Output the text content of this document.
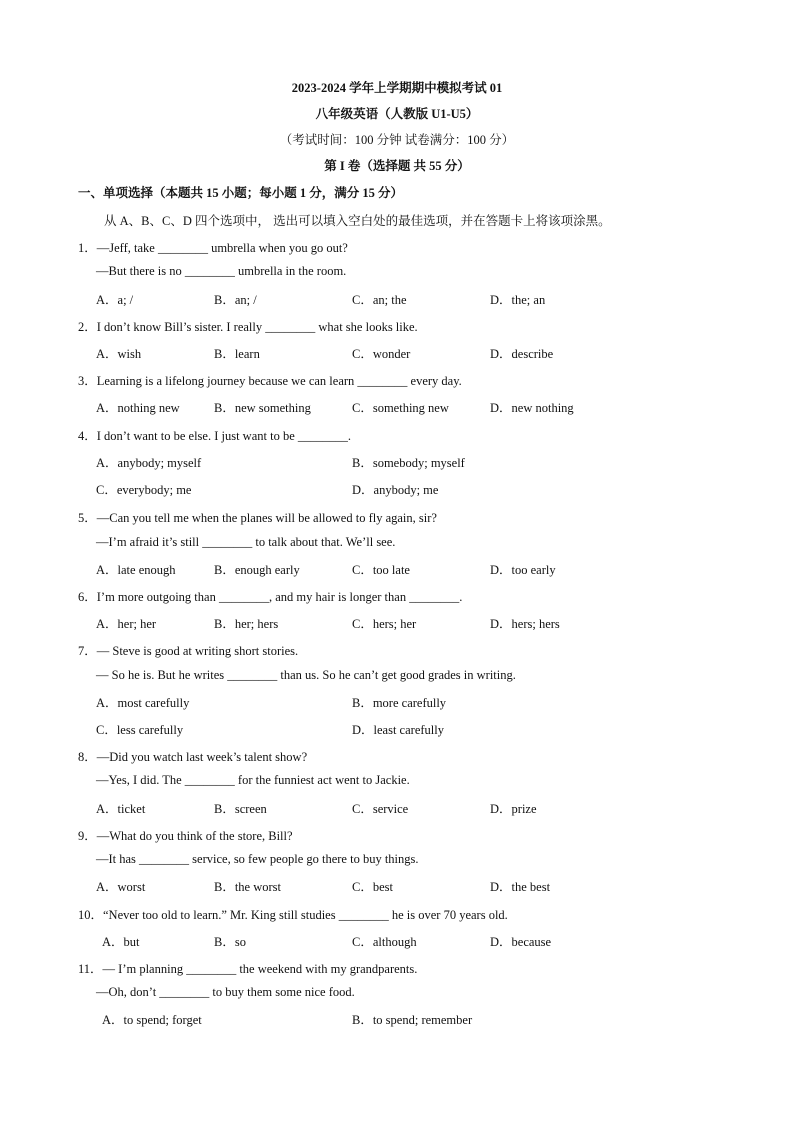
2023-2024 学年上学期期中模拟考试 01
八年级英语（人教版 U1-U5）
（考试时间：100 分钟 试卷满分：100 分）
第 I 卷（选择题 共 55 分）
一、单项选择（本题共 15 小题；每小题 1 分，满分 15 分）
从 A、B、C、D 四个选项中， 选出可以填入空白处的最佳选项，并在答题卡上将该项涂黑。
1．—Jeff, take ________ umbrella when you go out?
—But there is no ________ umbrella in the room.
A．a; /	B．an; /	C．an; the	D．the; an
2．I don’t know Bill’s sister. I really ________ what she looks like.
A．wish	B．learn	C．wonder	D．describe
3．Learning is a lifelong journey because we can learn ________ every day.
A．nothing new	B．new something	C．something new	D．new nothing
4．I don’t want to be else. I just want to be ________.
A．anybody; myself	B．somebody; myself
C．everybody; me	D．anybody; me
5．—Can you tell me when the planes will be allowed to fly again, sir?
—I’m afraid it’s still ________ to talk about that. We’ll see.
A．late enough	B．enough early	C．too late	D．too early
6．I’m more outgoing than ________, and my hair is longer than ________.
A．her; her	B．her; hers	C．hers; her	D．hers; hers
7．— Steve is good at writing short stories.
— So he is. But he writes ________ than us. So he can’t get good grades in writing.
A．most carefully	B．more carefully
C．less carefully	D．least carefully
8．—Did you watch last week’s talent show?
—Yes, I did. The ________ for the funniest act went to Jackie.
A．ticket	B．screen	C．service	D．prize
9．—What do you think of the store, Bill?
—It has ________ service, so few people go there to buy things.
A．worst	B．the worst	C．best	D．the best
10．“Never too old to learn.” Mr. King still studies ________ he is over 70 years old.
A．but	B．so	C．although	D．because
11．— I’m planning ________ the weekend with my grandparents.
—Oh, don’t ________ to buy them some nice food.
A．to spend; forget	B．to spend; remember
